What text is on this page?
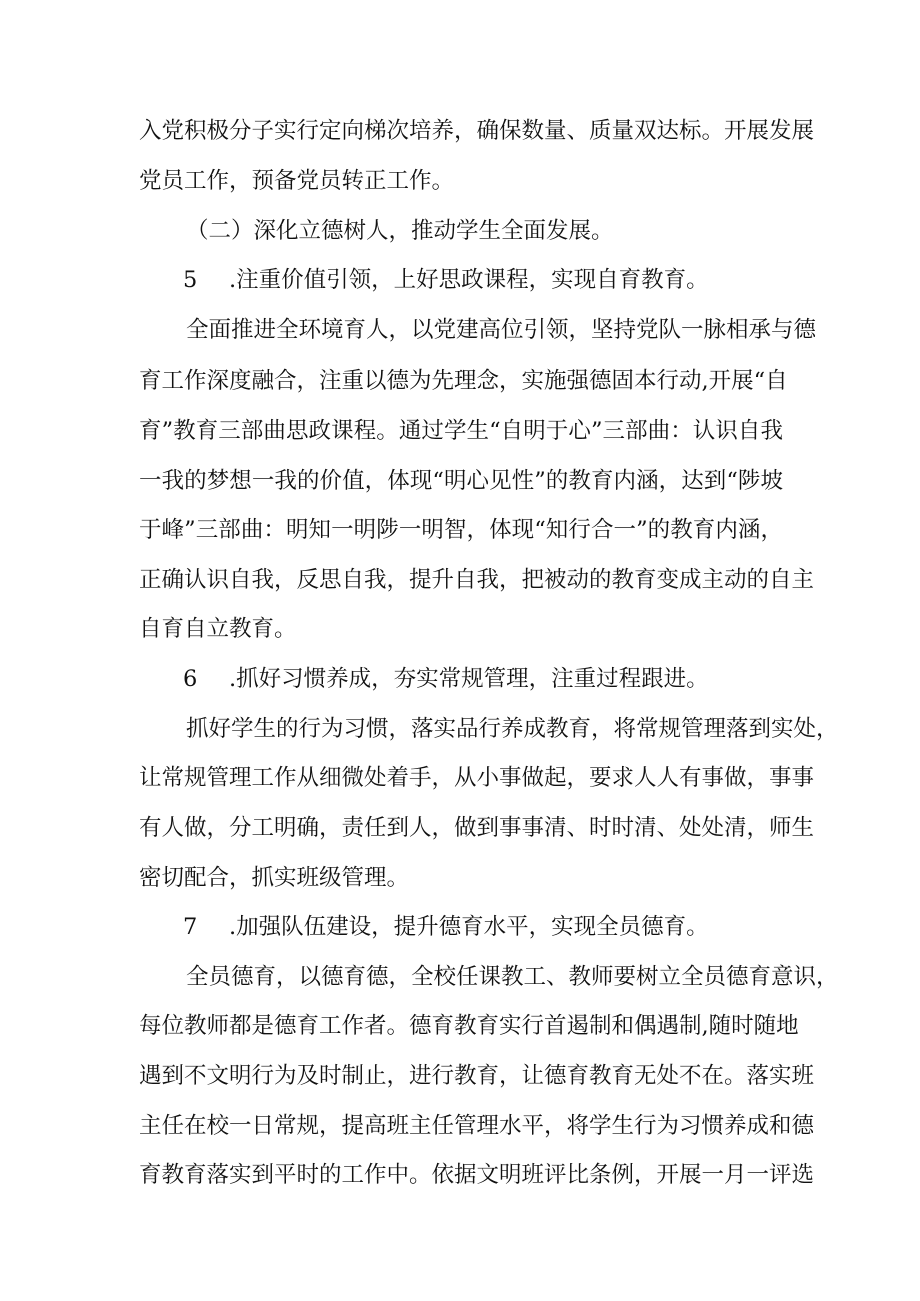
入党积极分子实行定向梯次培养，确保数量、质量双达标。开展发展
党员工作，预备党员转正工作。
（二）深化立德树人，推动学生全面发展。
5 .注重价值引领，上好思政课程，实现自育教育。
全面推进全环境育人，以党建高位引领，坚持党队一脉相承与德
育工作深度融合，注重以德为先理念，实施强德固本行动,开展“自
育”教育三部曲思政课程。通过学生“自明于心”三部曲：认识自我
一我的梦想一我的价值，体现“明心见性”的教育内涵，达到“陟坡
于峰”三部曲：明知一明陟一明智，体现“知行合一”的教育内涵，
正确认识自我，反思自我，提升自我，把被动的教育变成主动的自主
自育自立教育。
6 .抓好习惯养成，夯实常规管理，注重过程跟进。
抓好学生的行为习惯，落实品行养成教育，将常规管理落到实处，
让常规管理工作从细微处着手，从小事做起，要求人人有事做，事事
有人做，分工明确，责任到人，做到事事清、时时清、处处清，师生
密切配合，抓实班级管理。
7 .加强队伍建设，提升德育水平，实现全员德育。
全员德育，以德育德，全校任课教工、教师要树立全员德育意识，
每位教师都是德育工作者。德育教育实行首遏制和偶遇制,随时随地
遇到不文明行为及时制止，进行教育，让德育教育无处不在。落实班
主任在校一日常规，提高班主任管理水平，将学生行为习惯养成和德
育教育落实到平时的工作中。依据文明班评比条例，开展一月一评选
